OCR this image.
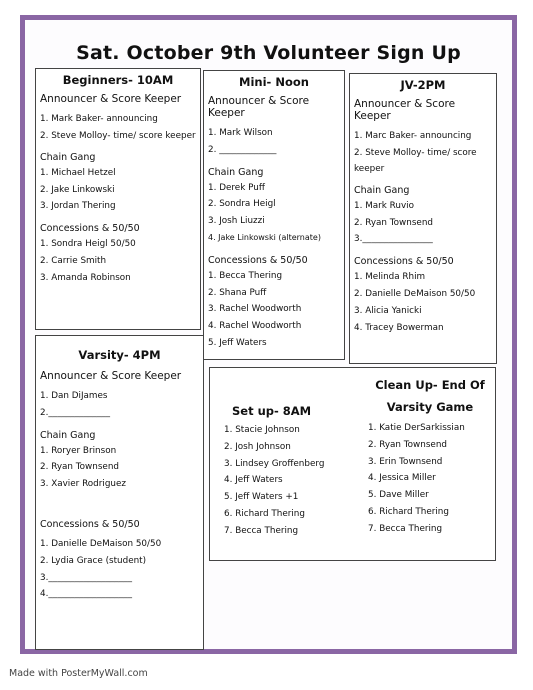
Sat. October 9th Volunteer Sign Up
Beginners- 10AM
Announcer & Score Keeper
1. Mark Baker- announcing
2. Steve Molloy- time/ score keeper
Chain Gang
1. Michael Hetzel
2. Jake Linkowski
3. Jordan Thering
Concessions & 50/50
1. Sondra Heigl 50/50
2. Carrie Smith
3. Amanda Robinson
Mini- Noon
Announcer & Score Keeper
1. Mark Wilson
2. _____________
Chain Gang
1. Derek Puff
2. Sondra Heigl
3. Josh Liuzzi
4. Jake Linkowski (alternate)
Concessions & 50/50
1. Becca Thering
2. Shana Puff
3. Rachel Woodworth
4. Rachel Woodworth
5. Jeff Waters
JV-2PM
Announcer & Score Keeper
1. Marc Baker- announcing
2. Steve Molloy- time/ score keeper
Chain Gang
1. Mark Ruvio
2. Ryan Townsend
3.________________
Concessions & 50/50
1. Melinda Rhim
2. Danielle DeMaison 50/50
3. Alicia Yanicki
4. Tracey Bowerman
Varsity- 4PM
Announcer & Score Keeper
1. Dan DiJames
2.______________
Chain Gang
1. Roryer Brinson
2. Ryan Townsend
3. Xavier Rodriguez
Concessions & 50/50
1. Danielle DeMaison 50/50
2. Lydia Grace (student)
3.___________________
4.___________________
Set up- 8AM
1. Stacie Johnson
2. Josh Johnson
3. Lindsey Groffenberg
4. Jeff Waters
5. Jeff Waters +1
6. Richard Thering
7. Becca Thering
Clean Up- End Of
Varsity Game
1. Katie DerSarkissian
2. Ryan Townsend
3. Erin Townsend
4. Jessica Miller
5. Dave Miller
6. Richard Thering
7. Becca Thering
Made with PosterMyWall.com
